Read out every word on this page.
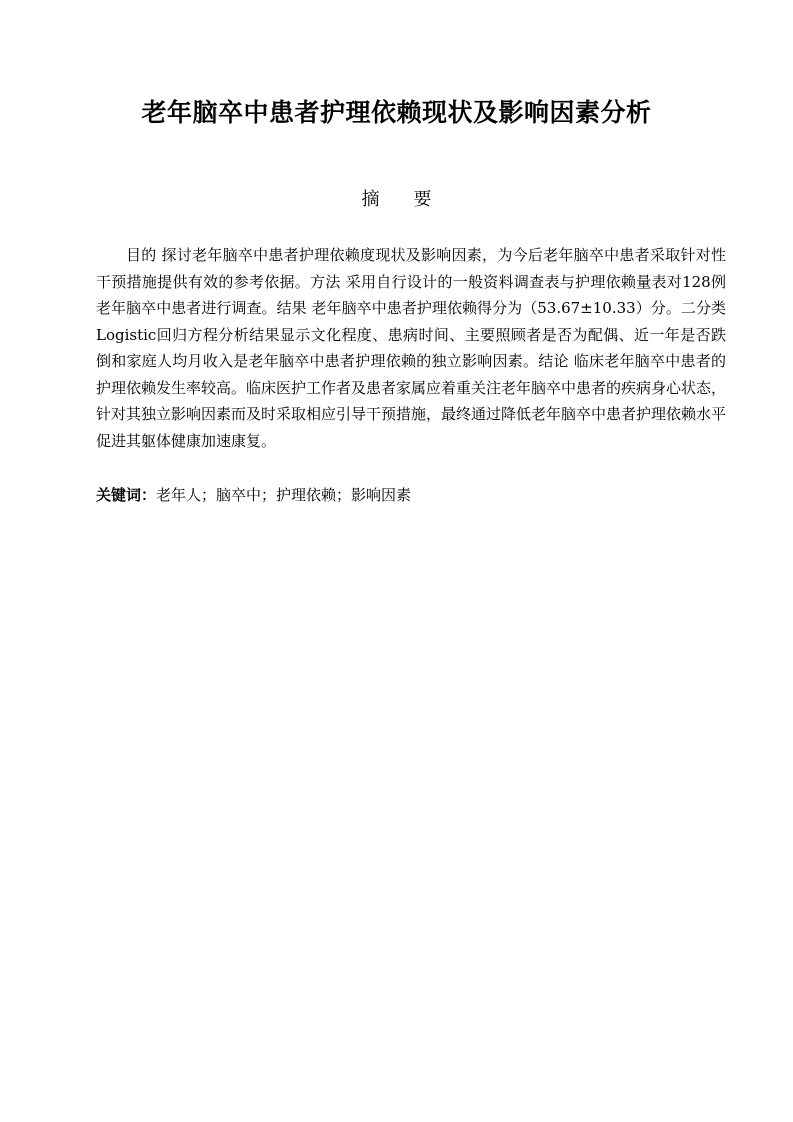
老年脑卒中患者护理依赖现状及影响因素分析
摘要

目的 探讨老年脑卒中患者护理依赖度现状及影响因素，为今后老年脑卒中患者采取针对性干预措施提供有效的参考依据。方法 采用自行设计的一般资料调查表与护理依赖量表对128例老年脑卒中患者进行调查。结果 老年脑卒中患者护理依赖得分为（53.67±10.33）分。二分类Logistic回归方程分析结果显示文化程度、患病时间、主要照顾者是否为配偶、近一年是否跌倒和家庭人均月收入是老年脑卒中患者护理依赖的独立影响因素。结论 临床老年脑卒中患者的护理依赖发生率较高。临床医护工作者及患者家属应着重关注老年脑卒中患者的疾病身心状态，针对其独立影响因素而及时采取相应引导干预措施，最终通过降低老年脑卒中患者护理依赖水平促进其躯体健康加速康复。

关键词：老年人；脑卒中；护理依赖；影响因素
